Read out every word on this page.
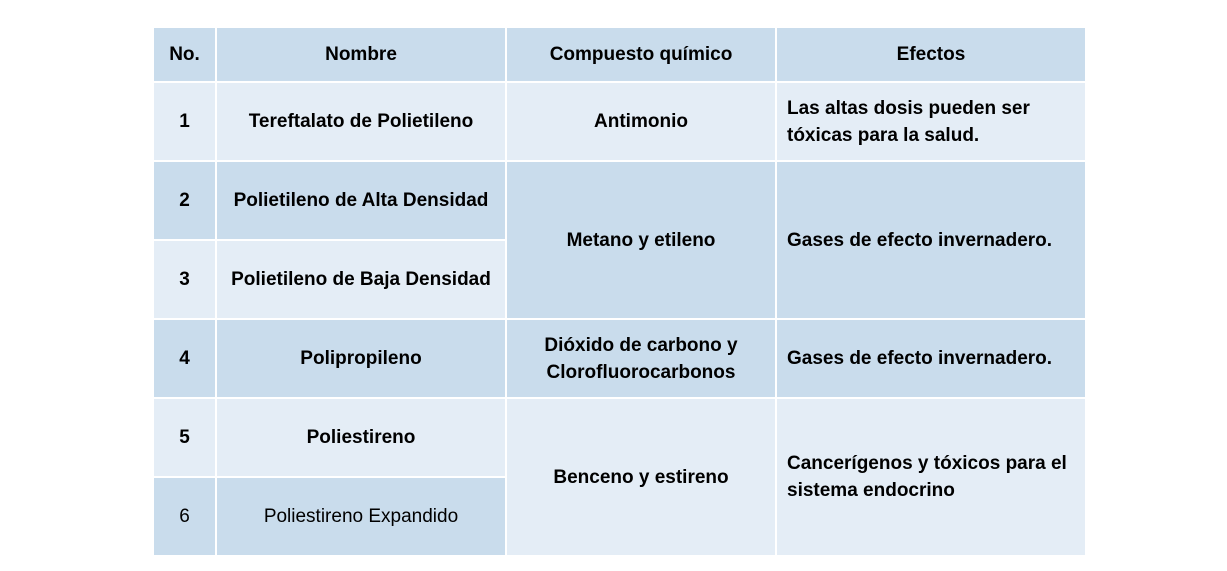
No.	Nombre	Compuesto químico	Efectos
1	Tereftalato de Polietileno	Antimonio	Las altas dosis pueden ser tóxicas para la salud.
2	Polietileno de Alta Densidad	Metano y etileno	Gases de efecto invernadero.
3	Polietileno de Baja Densidad		
4	Polipropileno	Dióxido de carbono y Clorofluorocarbonos	Gases de efecto invernadero.
5	Poliestireno	Benceno y estireno	Cancerígenos y tóxicos para el sistema endocrino
6	Poliestireno Expandido		
